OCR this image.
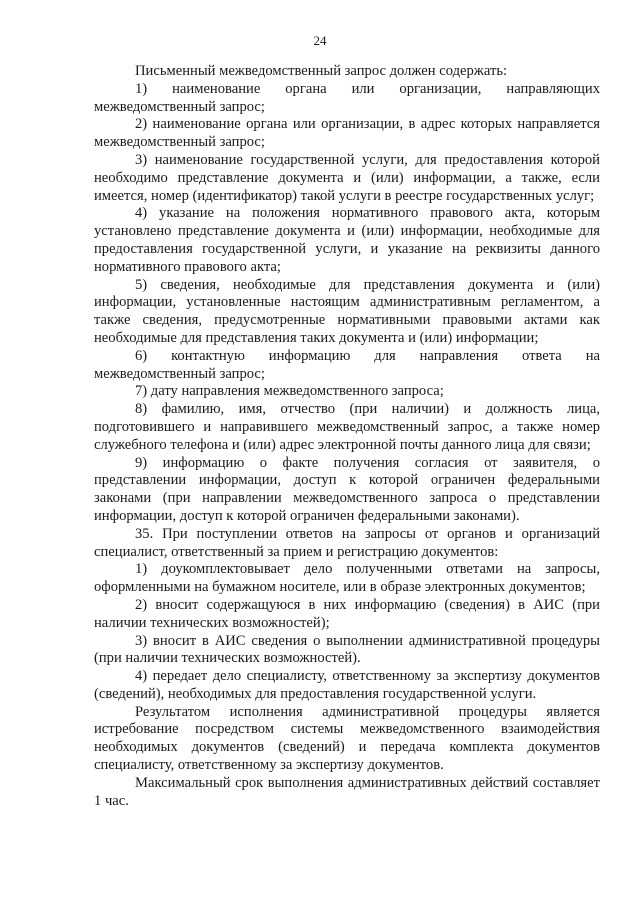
24

Письменный межведомственный запрос должен содержать:

1) наименование органа или организации, направляющих межведомственный запрос;

2) наименование органа или организации, в адрес которых направляется межведомственный запрос;

3) наименование государственной услуги, для предоставления которой необходимо представление документа и (или) информации, а также, если имеется, номер (идентификатор) такой услуги в реестре государственных услуг;

4) указание на положения нормативного правового акта, которым установлено представление документа и (или) информации, необходимые для предоставления государственной услуги, и указание на реквизиты данного нормативного правового акта;

5) сведения, необходимые для представления документа и (или) информации, установленные настоящим административным регламентом, а также сведения, предусмотренные нормативными правовыми актами как необходимые для представления таких документа и (или) информации;

6) контактную информацию для направления ответа на межведомственный запрос;

7) дату направления межведомственного запроса;

8) фамилию, имя, отчество (при наличии) и должность лица, подготовившего и направившего межведомственный запрос, а также номер служебного телефона и (или) адрес электронной почты данного лица для связи;

9) информацию о факте получения согласия от заявителя, о представлении информации, доступ к которой ограничен федеральными законами (при направлении межведомственного запроса о представлении информации, доступ к которой ограничен федеральными законами).

35. При поступлении ответов на запросы от органов и организаций специалист, ответственный за прием и регистрацию документов:

1) доукомплектовывает дело полученными ответами на запросы, оформленными на бумажном носителе, или в образе электронных документов;

2) вносит содержащуюся в них информацию (сведения) в АИС (при наличии технических возможностей);

3) вносит в АИС сведения о выполнении административной процедуры (при наличии технических возможностей).

4) передает дело специалисту, ответственному за экспертизу документов (сведений), необходимых для предоставления государственной услуги.

Результатом исполнения административной процедуры является истребование посредством системы межведомственного взаимодействия необходимых документов (сведений) и передача комплекта документов специалисту, ответственному за экспертизу документов.

Максимальный срок выполнения административных действий составляет 1 час.
